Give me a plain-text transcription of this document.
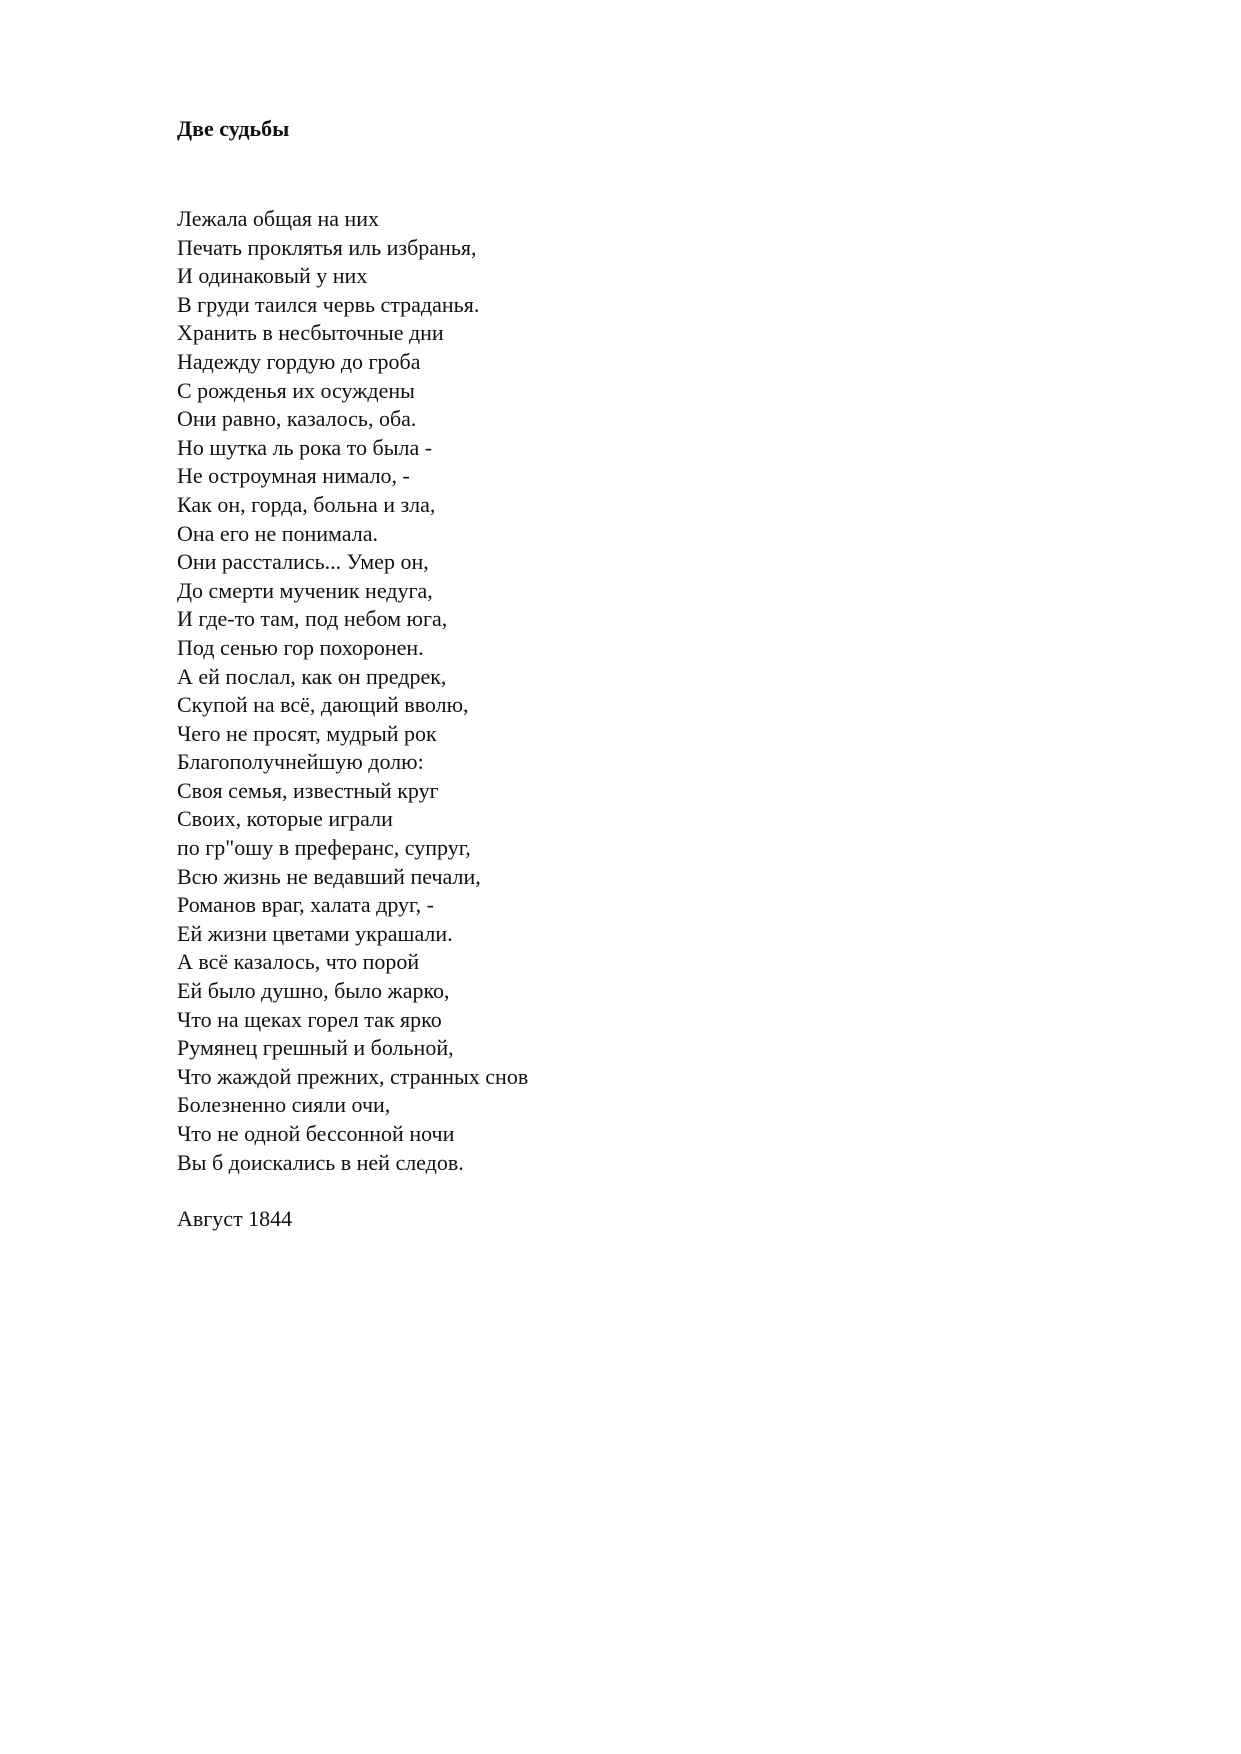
Две судьбы
Лежала общая на них
Печать проклятья иль избранья,
И одинаковый у них
В груди таился червь страданья.
Хранить в несбыточные дни
Надежду гордую до гроба
С рожденья их осуждены
Они равно, казалось, оба.
Но шутка ль рока то была -
Не остроумная нимало, -
Как он, горда, больна и зла,
Она его не понимала.
Они расстались... Умер он,
До смерти мученик недуга,
И где-то там, под небом юга,
Под сенью гор похоронен.
А ей послал, как он предрек,
Скупой на всё, дающий вволю,
Чего не просят, мудрый рок
Благополучнейшую долю:
Своя семья, известный круг
Своих, которые играли
по гр"ошу в преферанс, супруг,
Всю жизнь не ведавший печали,
Романов враг, халата друг, -
Ей жизни цветами украшали.
А всё казалось, что порой
Ей было душно, было жарко,
Что на щеках горел так ярко
Румянец грешный и больной,
Что жаждой прежних, странных снов
Болезненно сияли очи,
Что не одной бессонной ночи
Вы б доискались в ней следов.

Август 1844
